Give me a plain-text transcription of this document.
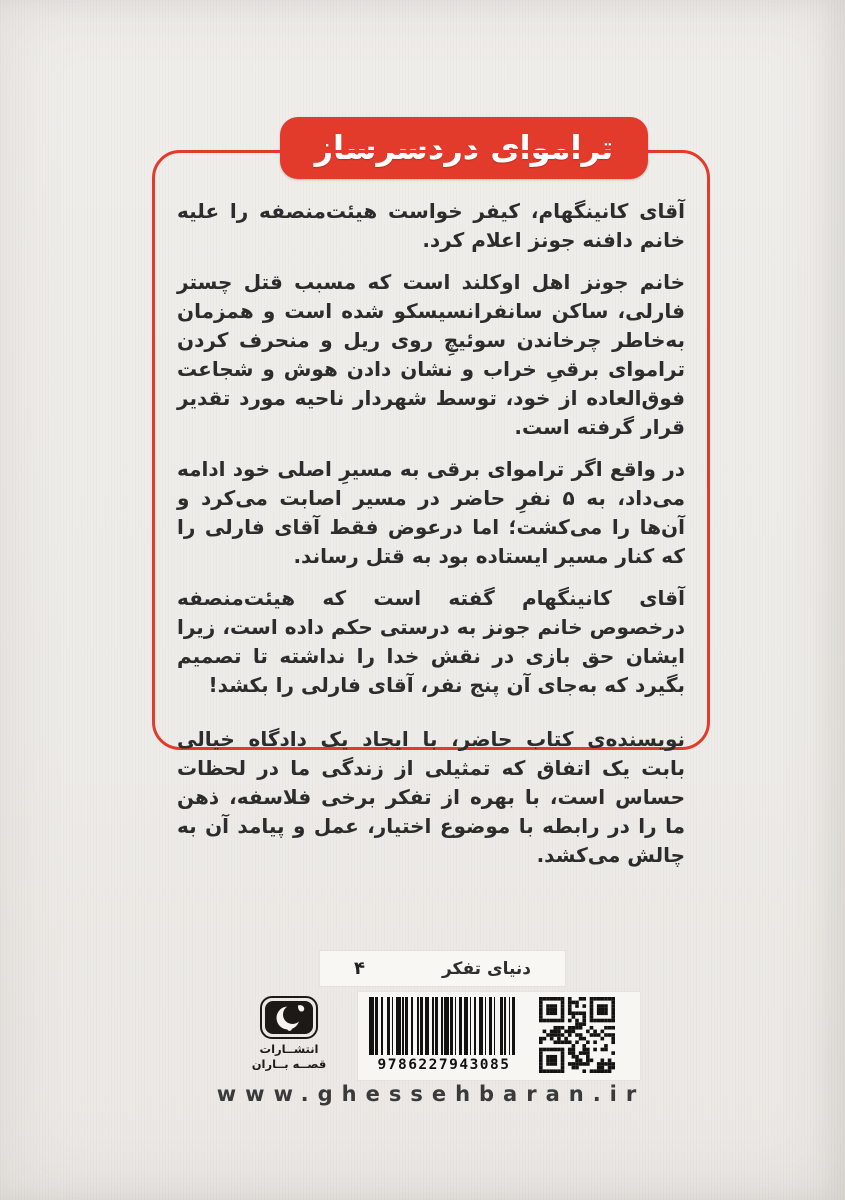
تراموای دردسرساز

آقای کانینگهام، کیفر خواست هیئت‌منصفه را علیه خانم دافنه جونز اعلام کرد.

خانم جونز اهل اوکلند است که مسبب قتل چستر فارلی، ساکن سانفرانسیسکو شده است و همزمان به‌خاطر چرخاندن سوئیچِ روی ریل و منحرف کردن تراموای برقیِ خراب و نشان دادن هوش و شجاعت فوق‌العاده از خود، توسط شهردار ناحیه مورد تقدیر قرار گرفته است.

در واقع اگر تراموای برقی به مسیرِ اصلی خود ادامه می‌داد، به ۵ نفرِ حاضر در مسیر اصابت می‌کرد و آن‌ها را می‌کشت؛ اما درعوض فقط آقای فارلی را که کنار مسیر ایستاده بود به قتل رساند.

آقای کانینگهام گفته است که هیئت‌منصفه درخصوص خانم جونز به درستی حکم داده است، زیرا ایشان حق بازی در نقش خدا را نداشته تا تصمیم بگیرد که به‌جای آن پنج نفر، آقای فارلی را بکشد!

نویسنده‌ی کتاب حاضر، با ایجاد یک دادگاه خیالی بابت یک اتفاق که تمثیلی از زندگی ما در لحظات حساس است، با بهره از تفکر برخی فلاسفه، ذهن ما را در رابطه با موضوع اختیار، عمل و پیامد آن به چالش می‌کشد.

دنیای تفکر
۴
انتشــارات
قصــه بــاران	9786227943085
www.ghessehbaran.ir
